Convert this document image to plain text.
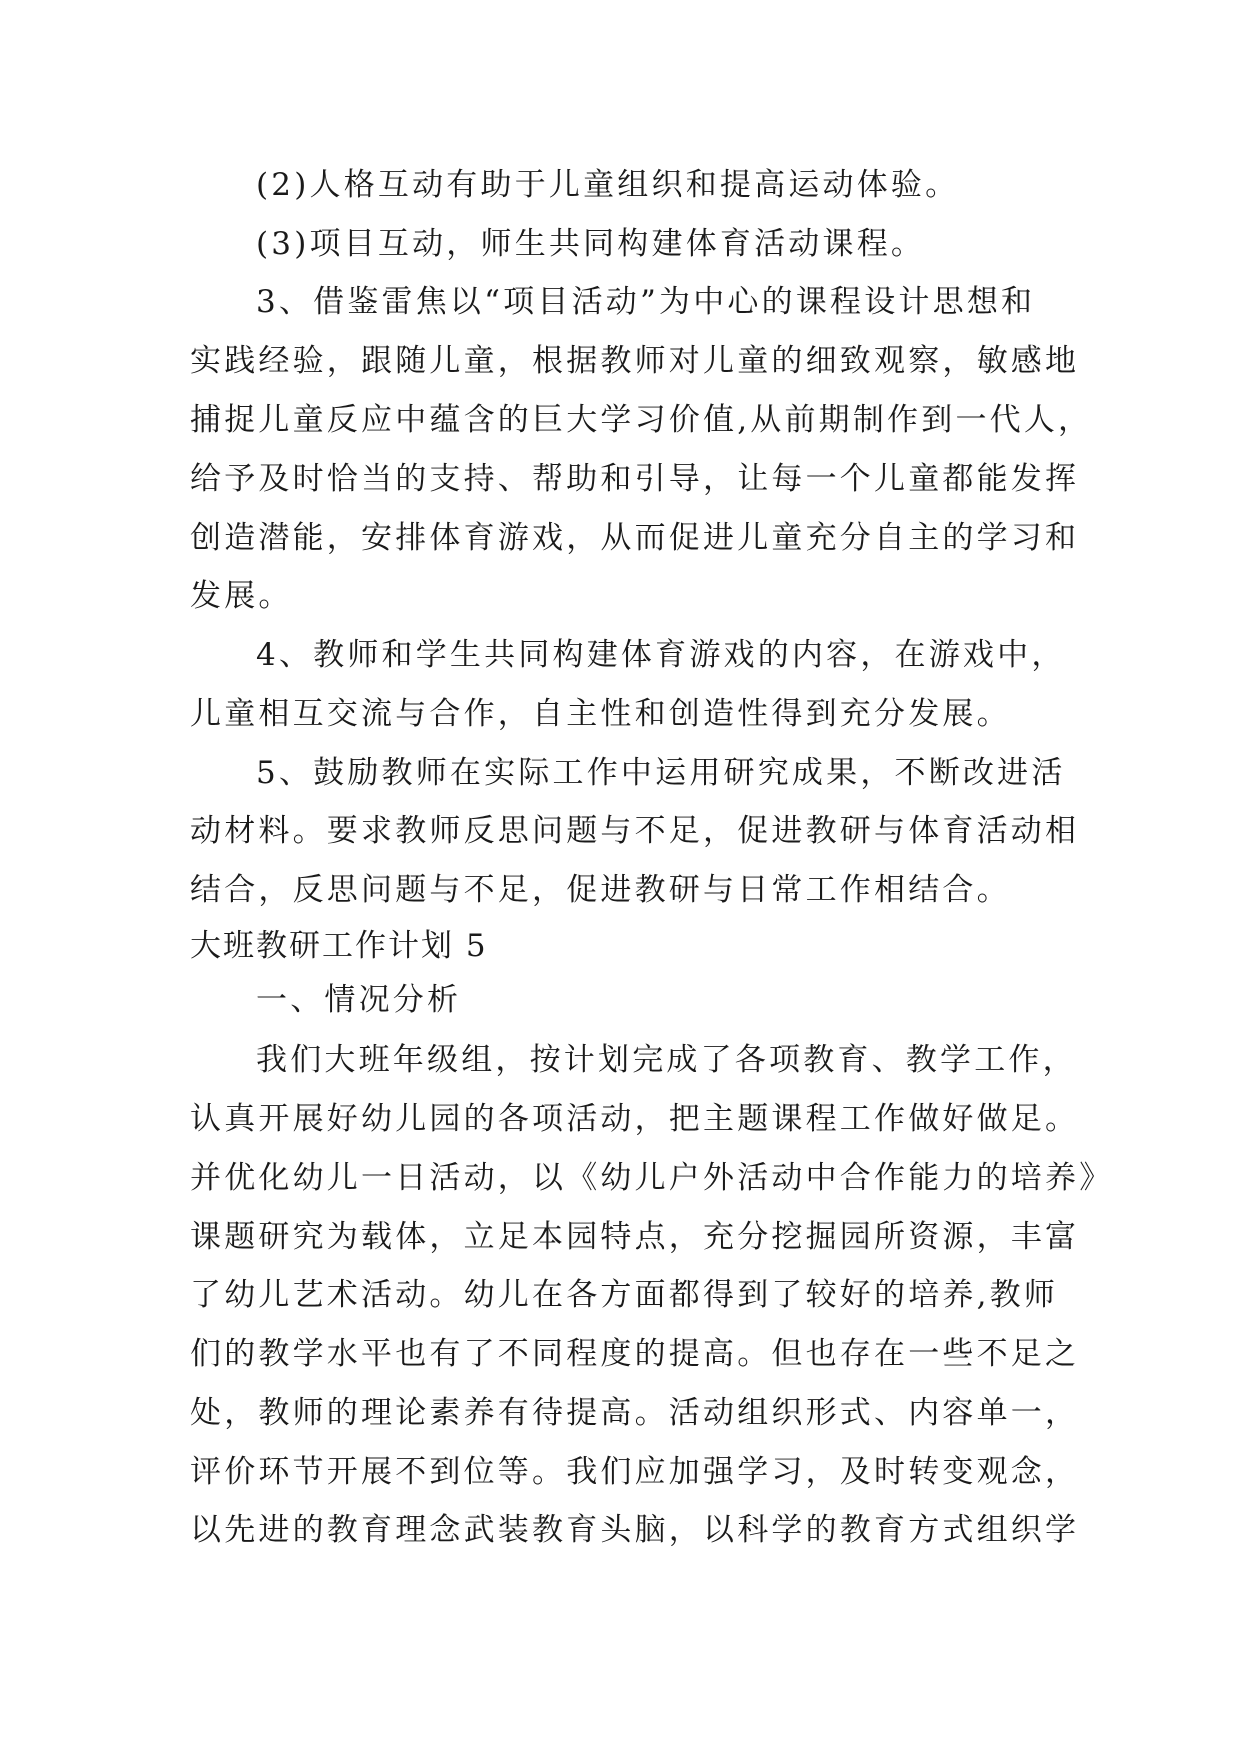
(2)人格互动有助于儿童组织和提高运动体验。
(3)项目互动，师生共同构建体育活动课程。
3、借鉴雷焦以“项目活动”为中心的课程设计思想和
实践经验，跟随儿童，根据教师对儿童的细致观察，敏感地
捕捉儿童反应中蕴含的巨大学习价值,从前期制作到一代人，
给予及时恰当的支持、帮助和引导，让每一个儿童都能发挥
创造潜能，安排体育游戏，从而促进儿童充分自主的学习和
发展。
4、教师和学生共同构建体育游戏的内容，在游戏中，
儿童相互交流与合作，自主性和创造性得到充分发展。
5、鼓励教师在实际工作中运用研究成果，不断改进活
动材料。要求教师反思问题与不足，促进教研与体育活动相
结合，反思问题与不足，促进教研与日常工作相结合。
大班教研工作计划 5
一、情况分析
我们大班年级组，按计划完成了各项教育、教学工作，
认真开展好幼儿园的各项活动，把主题课程工作做好做足。
并优化幼儿一日活动，以《幼儿户外活动中合作能力的培养》
课题研究为载体，立足本园特点，充分挖掘园所资源，丰富
了幼儿艺术活动。幼儿在各方面都得到了较好的培养,教师
们的教学水平也有了不同程度的提高。但也存在一些不足之
处，教师的理论素养有待提高。活动组织形式、内容单一，
评价环节开展不到位等。我们应加强学习，及时转变观念，
以先进的教育理念武装教育头脑，以科学的教育方式组织学
